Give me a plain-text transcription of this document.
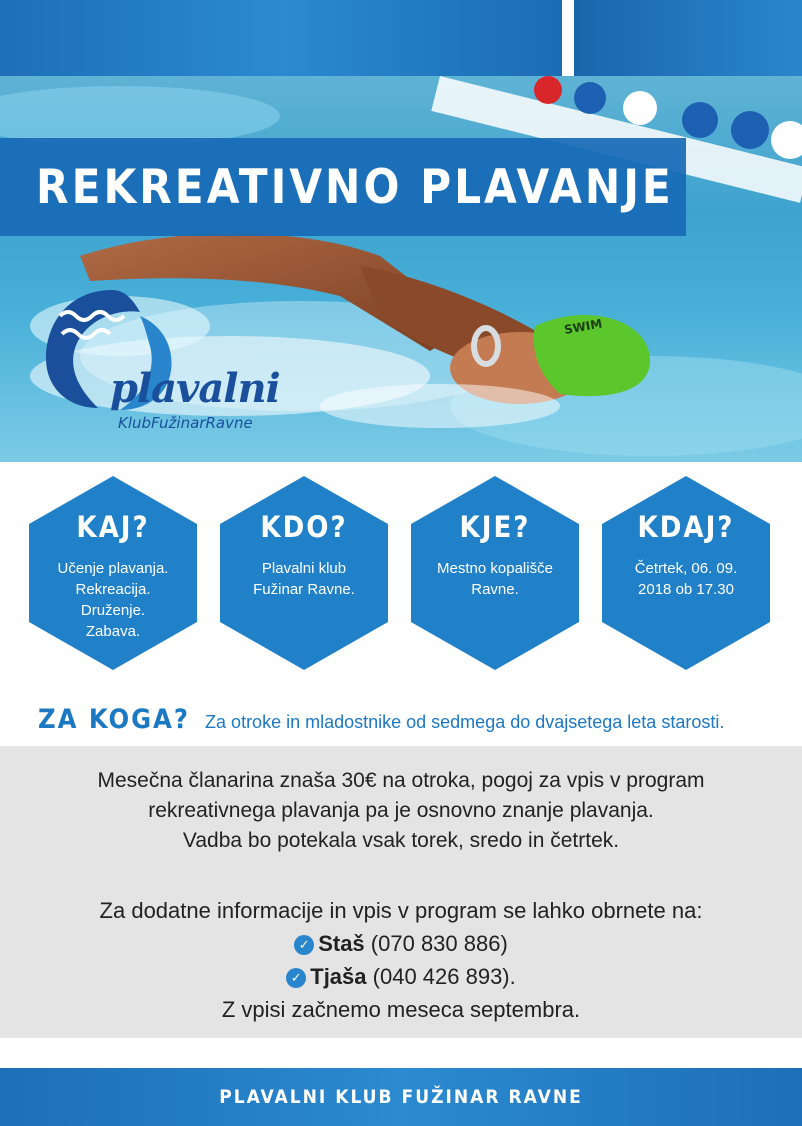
SWIM
plavalni
KlubFužinarRavne
REKREATIVNO PLAVANJE
KAJ?
Učenje plavanja.
Rekreacija.
Druženje.
Zabava.
KDO?
Plavalni klub
Fužinar Ravne.
KJE?
Mestno kopališče
Ravne.
KDAJ?
Četrtek, 06. 09.
2018 ob 17.30
ZA KOGA? Za otroke in mladostnike od sedmega do dvajsetega leta starosti.

Mesečna članarina znaša 30€ na otroka, pogoj za vpis v program

rekreativnega plavanja pa je osnovno znanje plavanja.

Vadba bo potekala vsak torek, sredo in četrtek.

Za dodatne informacije in vpis v program se lahko obrnete na:

✓ Staš (070 830 886)

✓ Tjaša (040 426 893).

Z vpisi začnemo meseca septembra.

PLAVALNI KLUB FUŽINAR RAVNE
